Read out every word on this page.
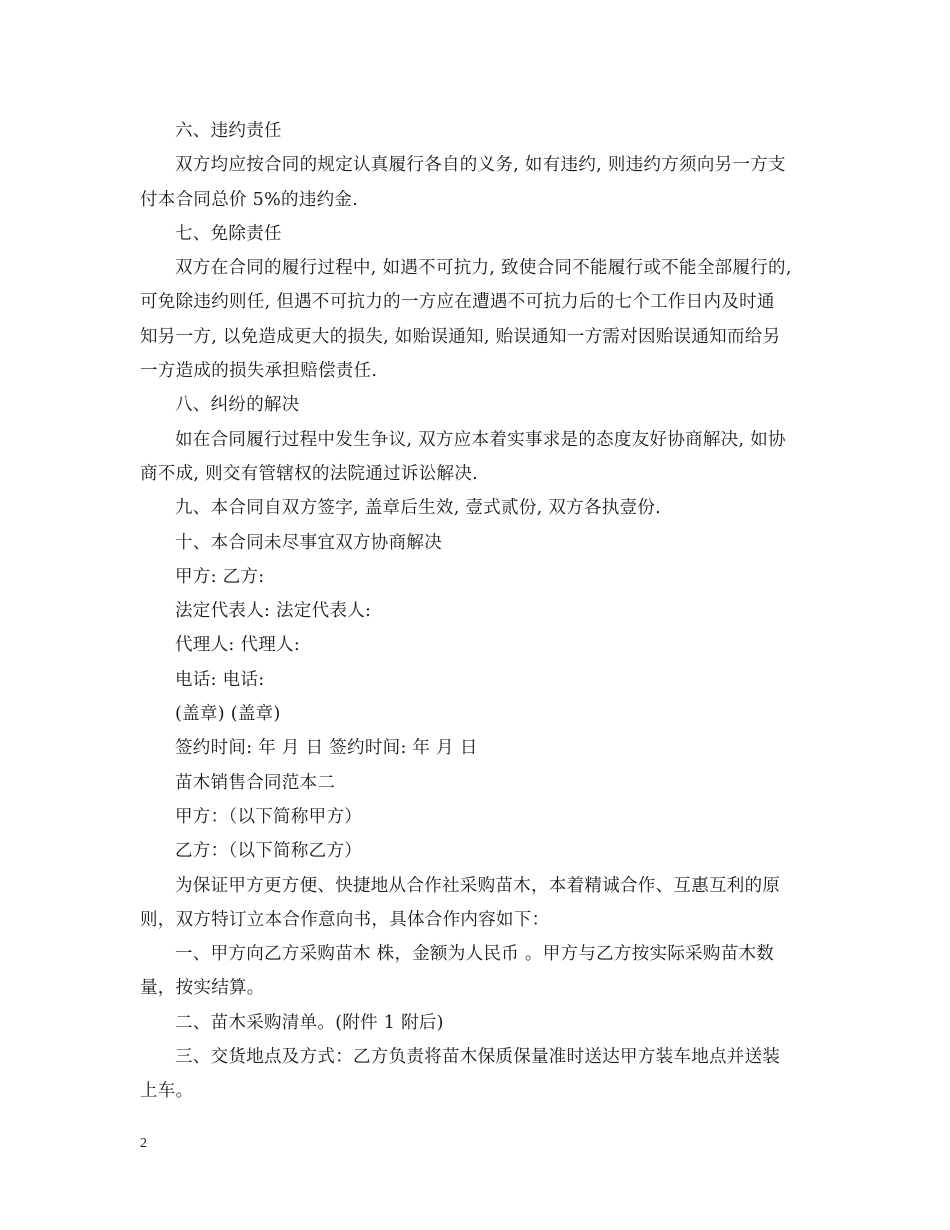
六、违约责任

双方均应按合同的规定认真履行各自的义务, 如有违约, 则违约方须向另一方支

付本合同总价 5%的违约金.

七、免除责任

双方在合同的履行过程中, 如遇不可抗力, 致使合同不能履行或不能全部履行的,

可免除违约则任, 但遇不可抗力的一方应在遭遇不可抗力后的七个工作日内及时通

知另一方, 以免造成更大的损失, 如贻误通知, 贻误通知一方需对因贻误通知而给另

一方造成的损失承担赔偿责任.

八、纠纷的解决

如在合同履行过程中发生争议, 双方应本着实事求是的态度友好协商解决, 如协

商不成, 则交有管辖权的法院通过诉讼解决.

九、本合同自双方签字, 盖章后生效, 壹式贰份, 双方各执壹份.

十、本合同未尽事宜双方协商解决

甲方: 乙方:

法定代表人: 法定代表人:

代理人: 代理人:

电话: 电话:

(盖章) (盖章)

签约时间: 年 月 日 签约时间: 年 月 日

苗木销售合同范本二

甲方：（以下简称甲方）

乙方：（以下简称乙方）

为保证甲方更方便、快捷地从合作社采购苗木，本着精诚合作、互惠互利的原

则，双方特订立本合作意向书，具体合作内容如下：

一、甲方向乙方采购苗木 株，金额为人民币 。甲方与乙方按实际采购苗木数

量，按实结算。

二、苗木采购清单。(附件 1 附后)

三、交货地点及方式：乙方负责将苗木保质保量准时送达甲方装车地点并送装

上车。

2
